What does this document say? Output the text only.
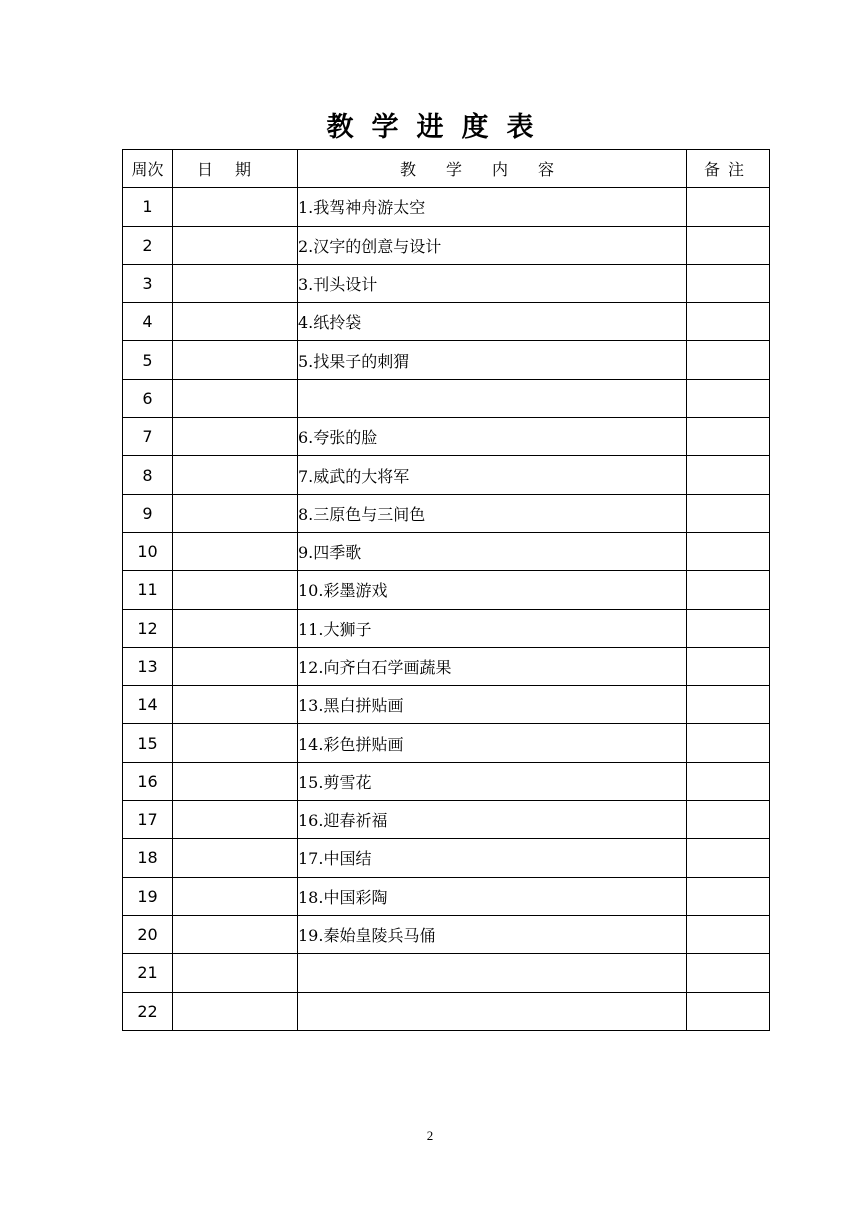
教学进度表
周次	日期	教学内容	备注
1		1.我驾神舟游太空	
2		2.汉字的创意与设计	
3		3.刊头设计	
4		4.纸拎袋	
5		5.找果子的刺猬	
6			
7		6.夸张的脸	
8		7.威武的大将军	
9		8.三原色与三间色	
10		9.四季歌	
11		10.彩墨游戏	
12		11.大狮子	
13		12.向齐白石学画蔬果	
14		13.黑白拼贴画	
15		14.彩色拼贴画	
16		15.剪雪花	
17		16.迎春祈福	
18		17.中国结	
19		18.中国彩陶	
20		19.秦始皇陵兵马俑	
21			
22			
2
